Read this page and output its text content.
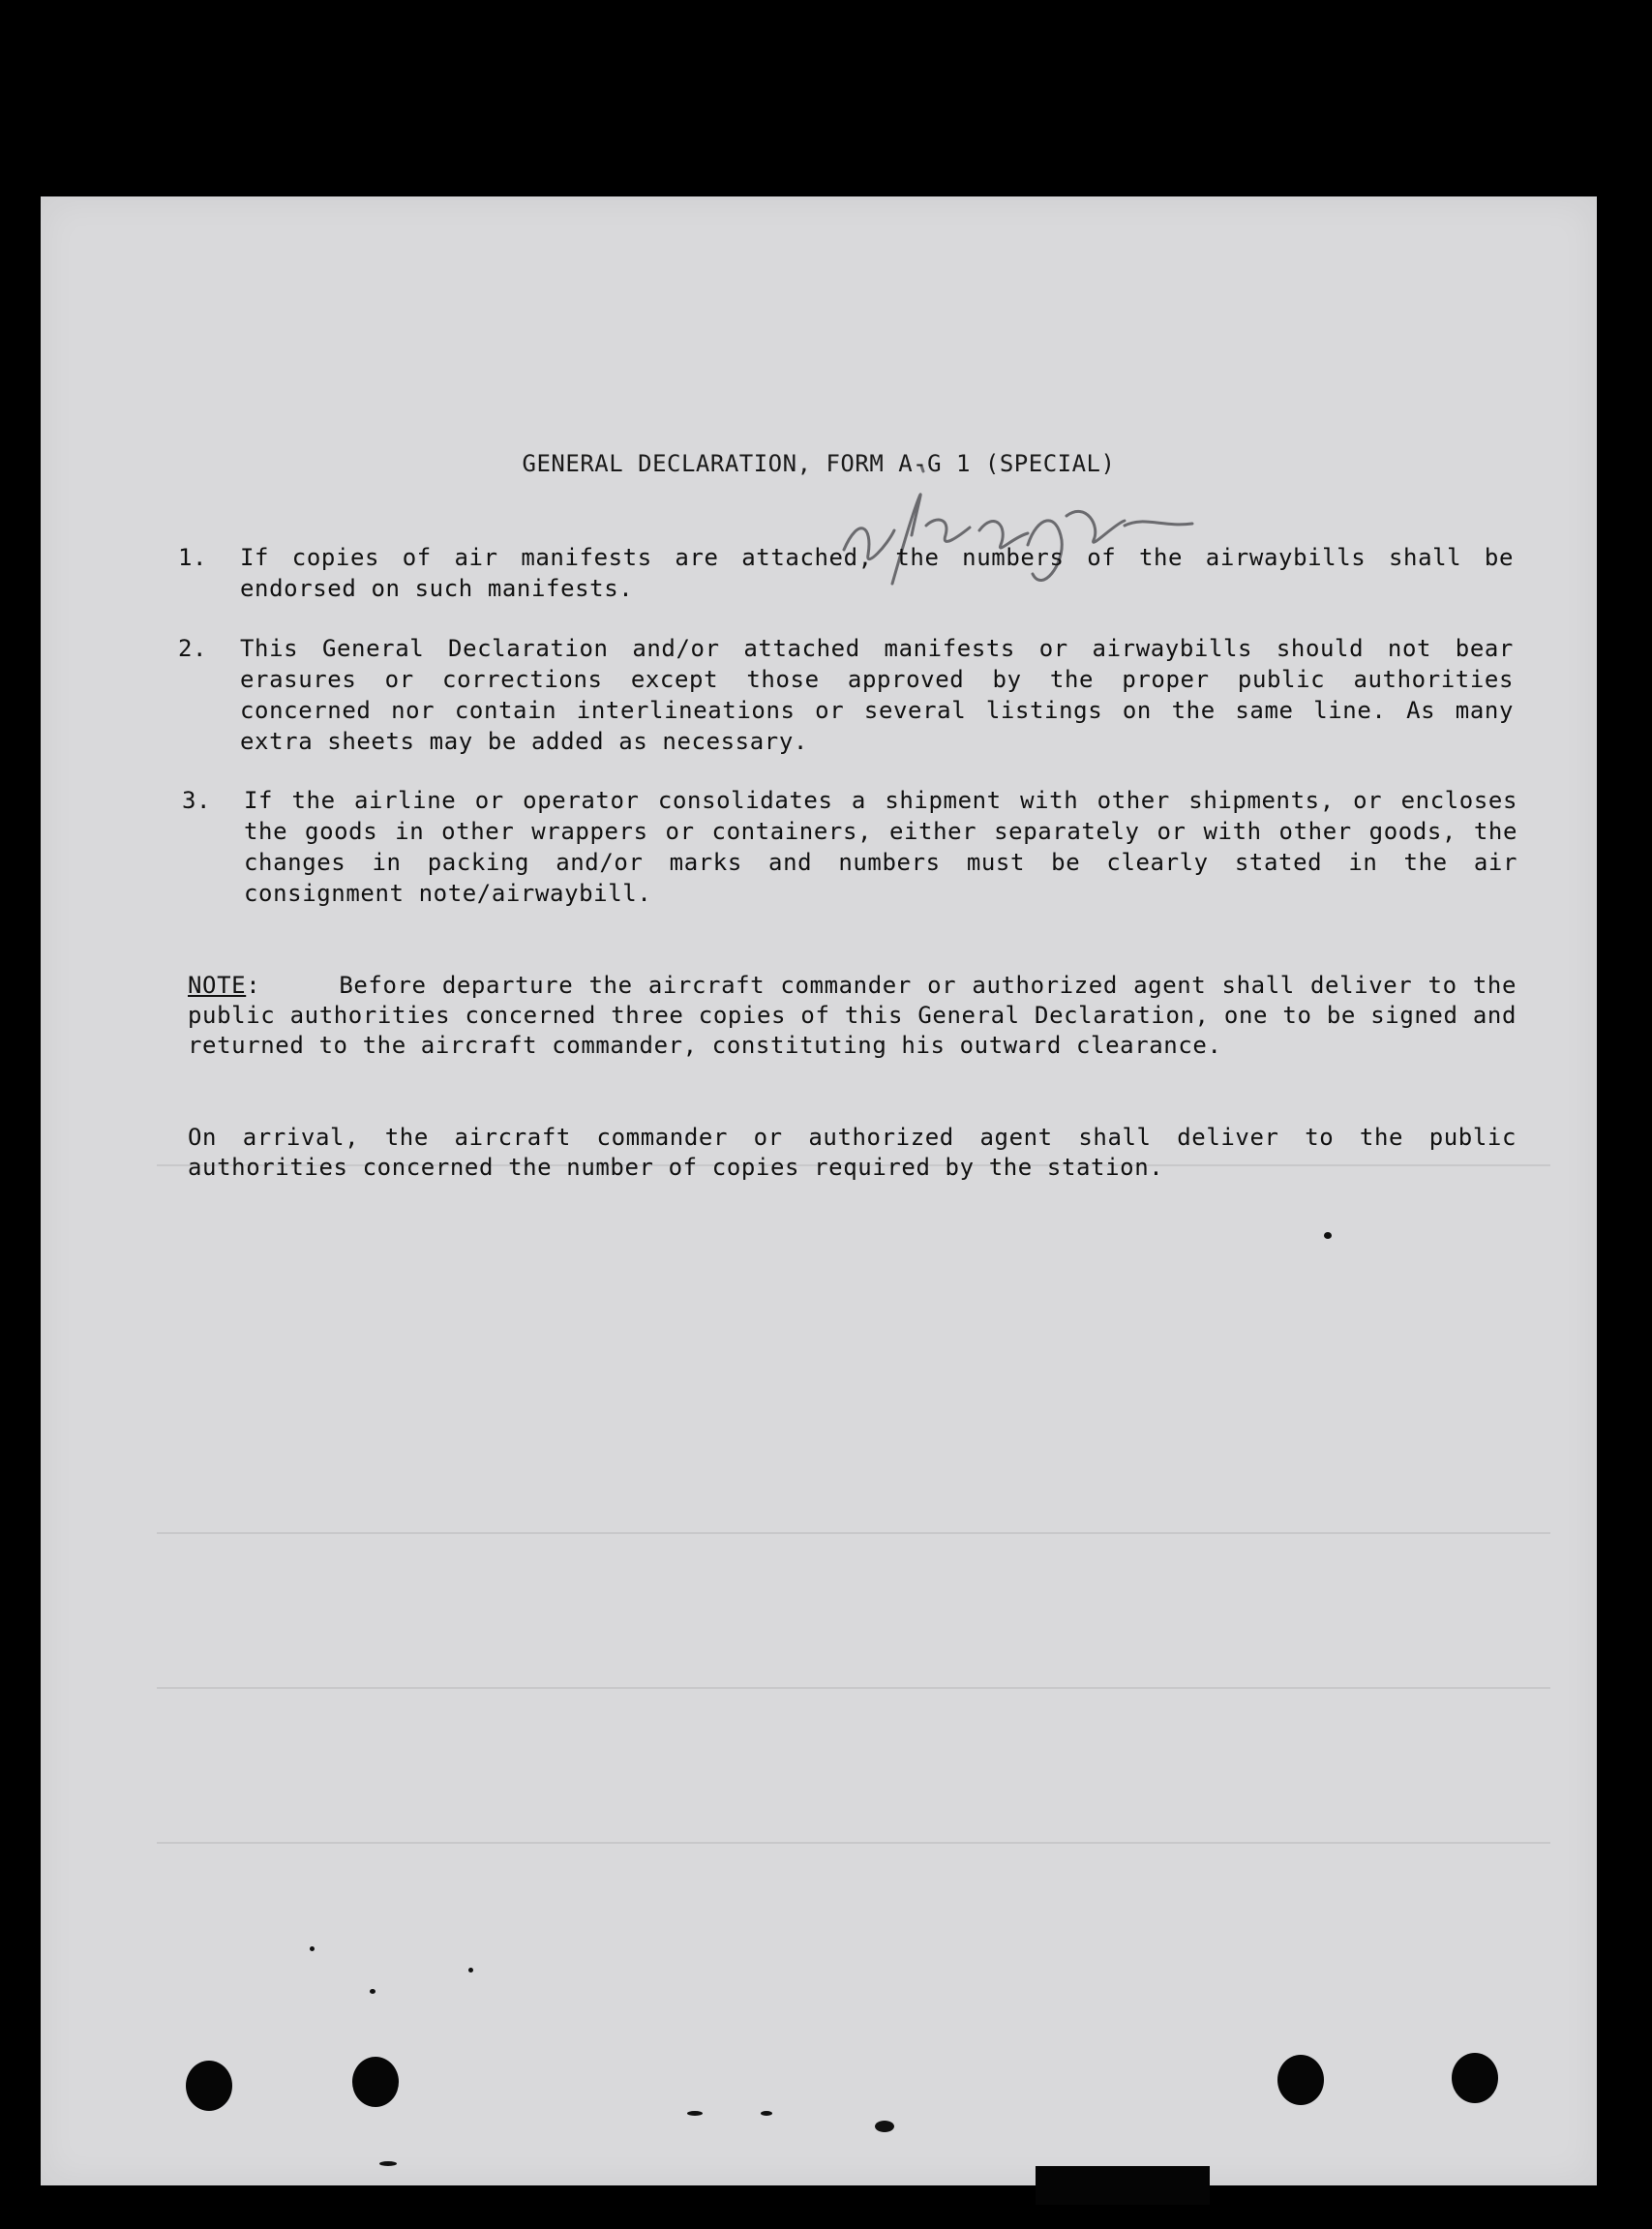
GENERAL DECLARATION, FORM A-G 1 (SPECIAL)
1. If copies of air manifests are attached, the numbers of the airwaybills shall be endorsed on such manifests.
2. This General Declaration and/or attached manifests or airwaybills should not bear erasures or corrections except those approved by the proper public authorities concerned nor contain interlineations or several listings on the same line. As many extra sheets may be added as necessary.
3. If the airline or operator consolidates a shipment with other shipments, or encloses the goods in other wrappers or containers, either separately or with other goods, the changes in packing and/or marks and numbers must be clearly stated in the air consignment note/airwaybill.

NOTE:     Before departure the aircraft commander or authorized agent shall deliver to the public authorities concerned three copies of this General Declaration, one to be signed and returned to the aircraft commander, constituting his outward clearance.

On arrival, the aircraft commander or authorized agent shall deliver to the public authorities concerned the number of copies required by the station.
